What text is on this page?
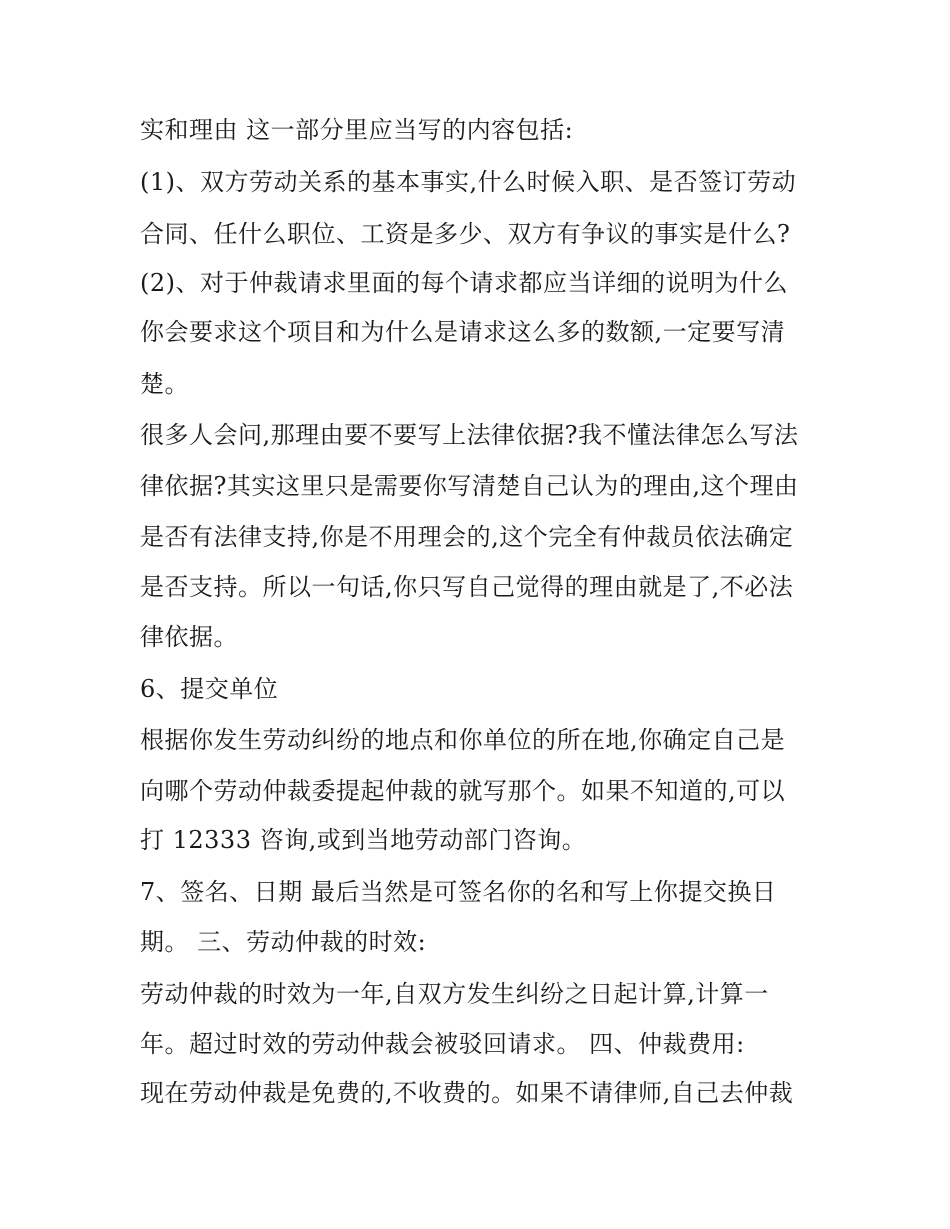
实和理由 这一部分里应当写的内容包括:

(1)、双方劳动关系的基本事实,什么时候入职、是否签订劳动

合同、任什么职位、工资是多少、双方有争议的事实是什么?

(2)、对于仲裁请求里面的每个请求都应当详细的说明为什么

你会要求这个项目和为什么是请求这么多的数额,一定要写清

楚。

很多人会问,那理由要不要写上法律依据?我不懂法律怎么写法

律依据?其实这里只是需要你写清楚自己认为的理由,这个理由

是否有法律支持,你是不用理会的,这个完全有仲裁员依法确定

是否支持。所以一句话,你只写自己觉得的理由就是了,不必法

律依据。

6、提交单位

根据你发生劳动纠纷的地点和你单位的所在地,你确定自己是

向哪个劳动仲裁委提起仲裁的就写那个。如果不知道的,可以

打 12333 咨询,或到当地劳动部门咨询。

7、签名、日期 最后当然是可签名你的名和写上你提交换日

期。 三、劳动仲裁的时效:

劳动仲裁的时效为一年,自双方发生纠纷之日起计算,计算一

年。超过时效的劳动仲裁会被驳回请求。 四、仲裁费用:

现在劳动仲裁是免费的,不收费的。如果不请律师,自己去仲裁
